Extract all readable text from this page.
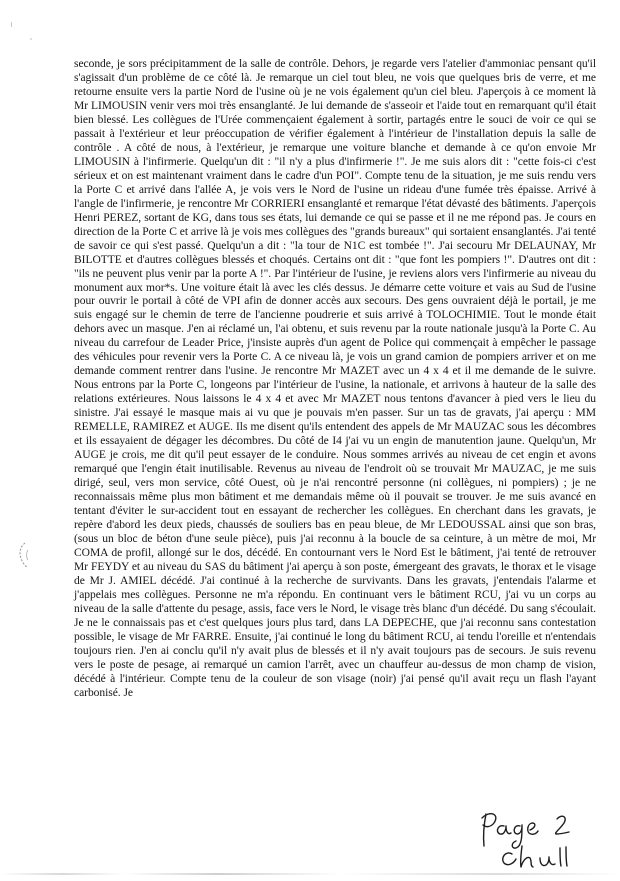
seconde, je sors précipitamment de la salle de contrôle. Dehors, je regarde vers l'atelier d'ammoniac pensant qu'il s'agissait d'un problème de ce côté là. Je remarque un ciel tout bleu, ne vois que quelques bris de verre, et me retourne ensuite vers la partie Nord de l'usine où je ne vois également qu'un ciel bleu. J'aperçois à ce moment là Mr LIMOUSIN venir vers moi très ensanglanté. Je lui demande de s'asseoir et l'aide tout en remarquant qu'il était bien blessé. Les collègues de l'Urée commençaient également à sortir, partagés entre le souci de voir ce qui se passait à l'extérieur et leur préoccupation de vérifier également à l'intérieur de l'installation depuis la salle de contrôle . A côté de nous, à l'extérieur, je remarque une voiture blanche et demande à ce qu'on envoie Mr LIMOUSIN à l'infirmerie. Quelqu'un dit : "il n'y a plus d'infirmerie !". Je me suis alors dit : "cette fois-ci c'est sérieux et on est maintenant vraiment dans le cadre d'un POI". Compte tenu de la situation, je me suis rendu vers la Porte C et arrivé dans l'allée A, je vois vers le Nord de l'usine un rideau d'une fumée très épaisse. Arrivé à l'angle de l'infirmerie, je rencontre Mr CORRIERI ensanglanté et remarque l'état dévasté des bâtiments. J'aperçois Henri PEREZ, sortant de KG, dans tous ses états, lui demande ce qui se passe et il ne me répond pas. Je cours en direction de la Porte C et arrive là je vois mes collègues des "grands bureaux" qui sortaient ensanglantés. J'ai tenté de savoir ce qui s'est passé. Quelqu'un a dit : "la tour de N1C est tombée !". J'ai secouru Mr DELAUNAY, Mr BILOTTE et d'autres collègues blessés et choqués. Certains ont dit : "que font les pompiers !". D'autres ont dit : "ils ne peuvent plus venir par la porte A !". Par l'intérieur de l'usine, je reviens alors vers l'infirmerie au niveau du monument aux mor*s. Une voiture était là avec les clés dessus. Je démarre cette voiture et vais au Sud de l'usine pour ouvrir le portail à côté de VPI afin de donner accès aux secours. Des gens ouvraient déjà le portail, je me suis engagé sur le chemin de terre de l'ancienne poudrerie et suis arrivé à TOLOCHIMIE. Tout le monde était dehors avec un masque. J'en ai réclamé un, l'ai obtenu, et suis revenu par la route nationale jusqu'à la Porte C. Au niveau du carrefour de Leader Price, j'insiste auprès d'un agent de Police qui commençait à empêcher le passage des véhicules pour revenir vers la Porte C. A ce niveau là, je vois un grand camion de pompiers arriver et on me demande comment rentrer dans l'usine. Je rencontre Mr MAZET avec un 4 x 4 et il me demande de le suivre. Nous entrons par la Porte C, longeons par l'intérieur de l'usine, la nationale, et arrivons à hauteur de la salle des relations extérieures. Nous laissons le 4 x 4 et avec Mr MAZET nous tentons d'avancer à pied vers le lieu du sinistre. J'ai essayé le masque mais ai vu que je pouvais m'en passer. Sur un tas de gravats, j'ai aperçu : MM REMELLE, RAMIREZ et AUGE. Ils me disent qu'ils entendent des appels de Mr MAUZAC sous les décombres et ils essayaient de dégager les décombres. Du côté de I4 j'ai vu un engin de manutention jaune. Quelqu'un, Mr AUGE je crois, me dit qu'il peut essayer de le conduire. Nous sommes arrivés au niveau de cet engin et avons remarqué que l'engin était inutilisable. Revenus au niveau de l'endroit où se trouvait Mr MAUZAC, je me suis dirigé, seul, vers mon service, côté Ouest, où je n'ai rencontré personne (ni collègues, ni pompiers) ; je ne reconnaissais même plus mon bâtiment et me demandais même où il pouvait se trouver. Je me suis avancé en tentant d'éviter le sur-accident tout en essayant de rechercher les collègues. En cherchant dans les gravats, je repère d'abord les deux pieds, chaussés de souliers bas en peau bleue, de Mr LEDOUSSAL ainsi que son bras, (sous un bloc de béton d'une seule pièce), puis j'ai reconnu à la boucle de sa ceinture, à un mètre de moi, Mr COMA de profil, allongé sur le dos, décédé. En contournant vers le Nord Est le bâtiment, j'ai tenté de retrouver Mr FEYDY et au niveau du SAS du bâtiment j'ai aperçu à son poste, émergeant des gravats, le thorax et le visage de Mr J. AMIEL décédé. J'ai continué à la recherche de survivants. Dans les gravats, j'entendais l'alarme et j'appelais mes collègues. Personne ne m'a répondu. En continuant vers le bâtiment RCU, j'ai vu un corps au niveau de la salle d'attente du pesage, assis, face vers le Nord, le visage très blanc d'un décédé. Du sang s'écoulait. Je ne le connaissais pas et c'est quelques jours plus tard, dans LA DEPECHE, que j'ai reconnu sans contestation possible, le visage de Mr FARRE. Ensuite, j'ai continué le long du bâtiment RCU, ai tendu l'oreille et n'entendais toujours rien. J'en ai conclu qu'il n'y avait plus de blessés et il n'y avait toujours pas de secours. Je suis revenu vers le poste de pesage, ai remarqué un camion l'arrêt, avec un chauffeur au-dessus de mon champ de vision, décédé à l'intérieur. Compte tenu de la couleur de son visage (noir) j'ai pensé qu'il avait reçu un flash l'ayant carbonisé. Je
